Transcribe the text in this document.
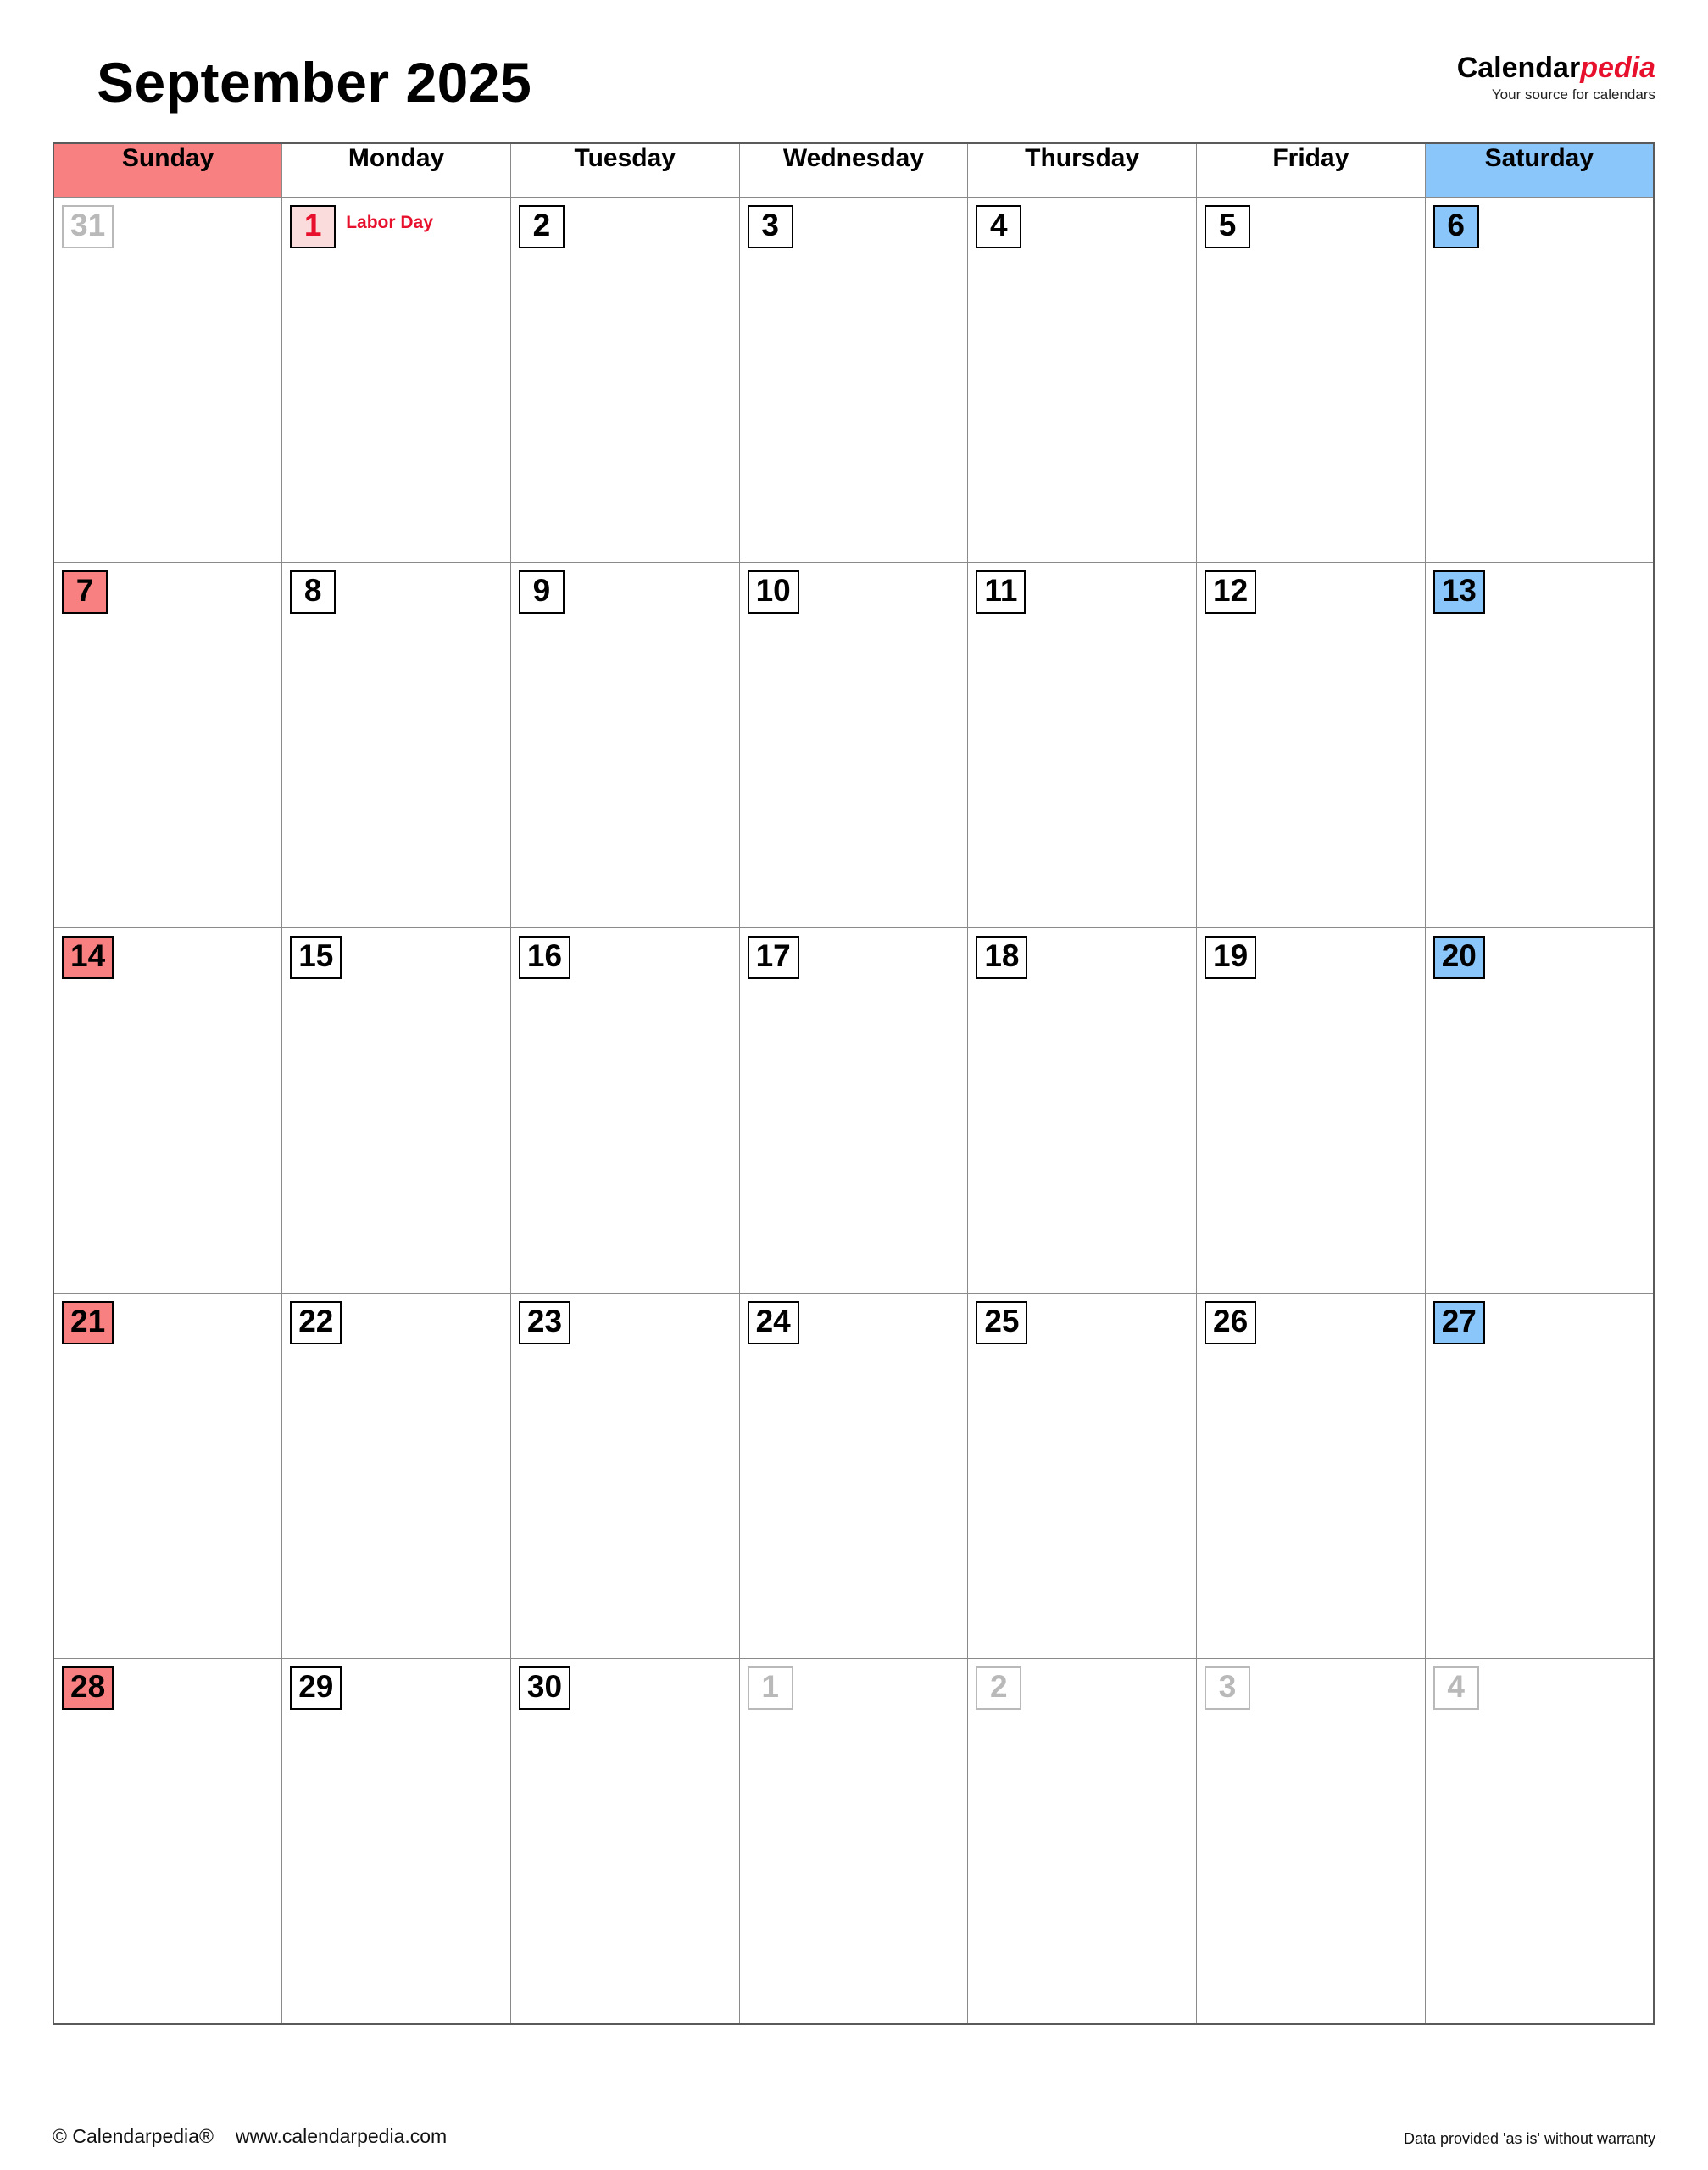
September 2025	Calendarpedia
Your source for calendars
Sunday	Monday	Tuesday	Wednesday	Thursday	Friday	Saturday

31	1 Labor Day	2	3	4	5	6

7	8	9	10	11	12	13

14	15	16	17	18	19	20

21	22	23	24	25	26	27

28	29	30	1	2	3	4
© Calendarpedia® www.calendarpedia.com	Data provided 'as is' without warranty
